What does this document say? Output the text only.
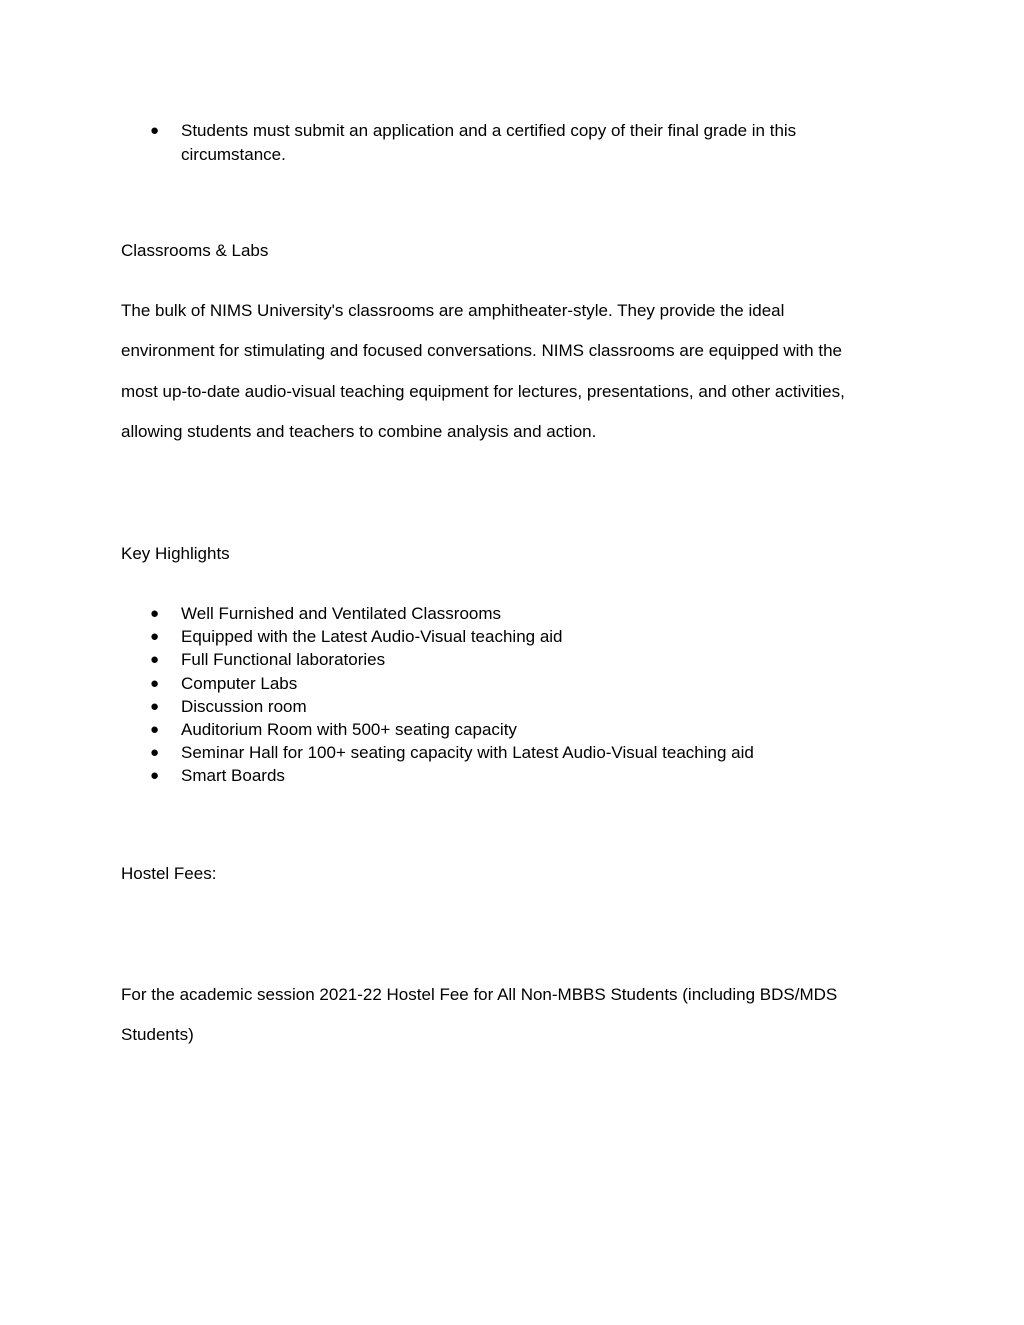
● Students must submit an application and a certified copy of their final grade in this
circumstance.
Classrooms & Labs
The bulk of NIMS University's classrooms are amphitheater-style. They provide the ideal
environment for stimulating and focused conversations. NIMS classrooms are equipped with the
most up-to-date audio-visual teaching equipment for lectures, presentations, and other activities,
allowing students and teachers to combine analysis and action.
Key Highlights
● Well Furnished and Ventilated Classrooms
● Equipped with the Latest Audio-Visual teaching aid
● Full Functional laboratories
● Computer Labs
● Discussion room
● Auditorium Room with 500+ seating capacity
● Seminar Hall for 100+ seating capacity with Latest Audio-Visual teaching aid
● Smart Boards
Hostel Fees:
For the academic session 2021-22 Hostel Fee for All Non-MBBS Students (including BDS/MDS
Students)
